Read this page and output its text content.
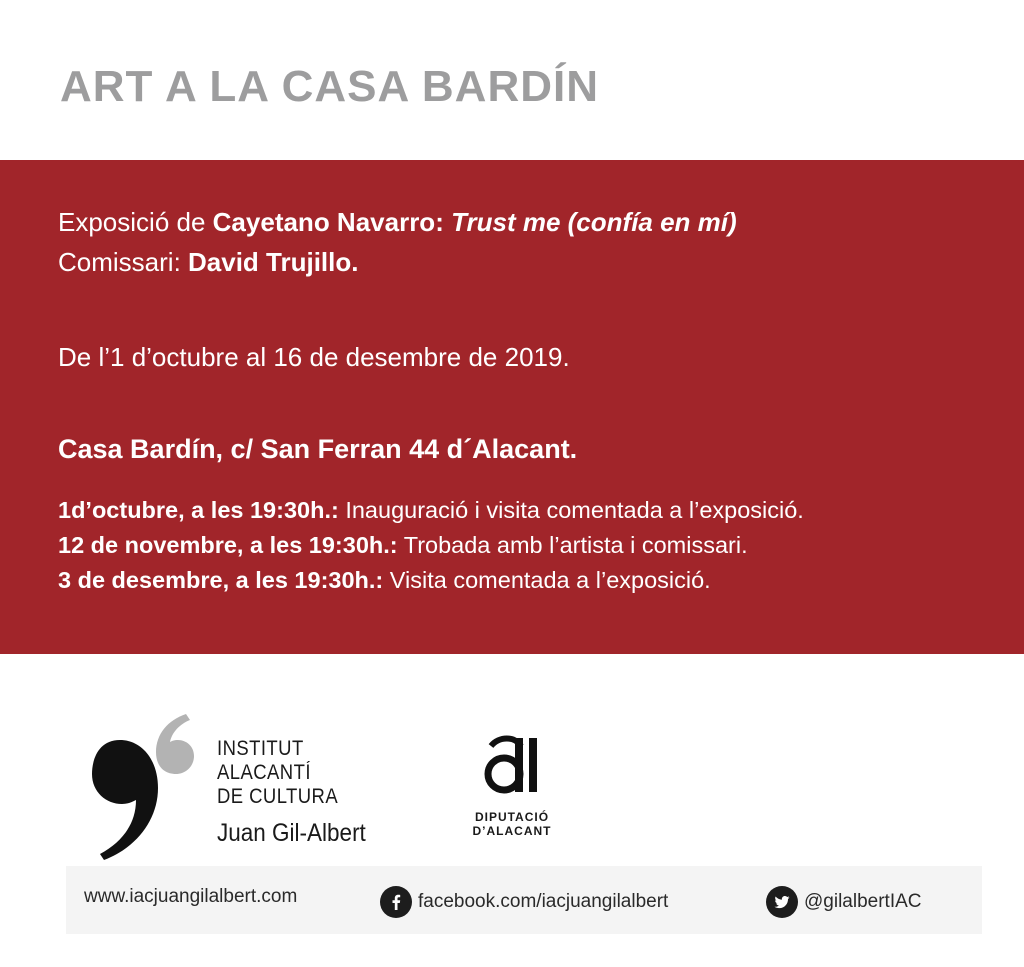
ART A LA CASA BARDÍN
Exposició de Cayetano Navarro: Trust me (confía en mí)
Comissari: David Trujillo.
De l’1 d’octubre al 16 de desembre de 2019.
Casa Bardín, c/ San Ferran 44 d´Alacant.
1d’octubre, a les 19:30h.: Inauguració i visita comentada a l’exposició.
12 de novembre, a les 19:30h.: Trobada amb l’artista i comissari.
3 de desembre, a les 19:30h.: Visita comentada a l’exposició.
INSTITUT
ALACANTÍ
DE CULTURA
Juan Gil-Albert
DIPUTACIÓ
D’ALACANT
www.iacjuangilalbert.com	facebook.com/iacjuangilalbert	@gilalbertIAC
